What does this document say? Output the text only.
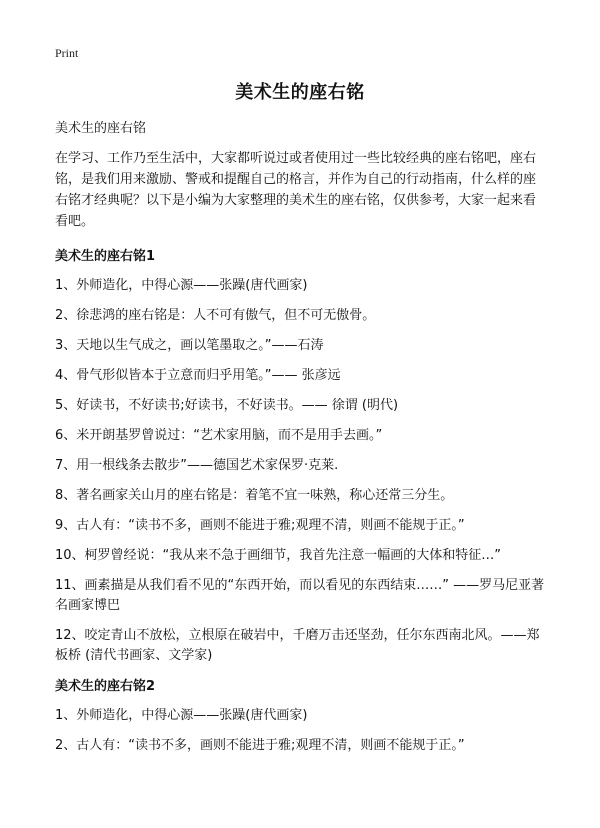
Print
美术生的座右铭
美术生的座右铭
在学习、工作乃至生活中，大家都听说过或者使用过一些比较经典的座右铭吧，座右铭，是我们用来激励、警戒和提醒自己的格言，并作为自己的行动指南，什么样的座右铭才经典呢？以下是小编为大家整理的美术生的座右铭，仅供参考，大家一起来看看吧。
美术生的座右铭1
1、外师造化，中得心源——张躁(唐代画家)
2、徐悲鸿的座右铭是：人不可有傲气，但不可无傲骨。
3、天地以生气成之，画以笔墨取之。”——石涛
4、骨气形似皆本于立意而归乎用笔。”—— 张彦远
5、好读书，不好读书;好读书，不好读书。—— 徐谓 (明代)
6、米开朗基罗曾说过：“艺术家用脑，而不是用手去画。”
7、用一根线条去散步”——德国艺术家保罗·克莱.
8、著名画家关山月的座右铭是：着笔不宜一味熟，称心还常三分生。
9、古人有：“读书不多，画则不能进于雅;观理不清，则画不能规于正。”
10、柯罗曾经说：“我从来不急于画细节，我首先注意一幅画的大体和特征…”
11、画素描是从我们看不见的“东西开始，而以看见的东西结束……” ——罗马尼亚著名画家博巴
12、咬定青山不放松，立根原在破岩中，千磨万击还坚劲，任尔东西南北风。——郑板桥 (清代书画家、文学家)
美术生的座右铭2
1、外师造化，中得心源——张躁(唐代画家)
2、古人有：“读书不多，画则不能进于雅;观理不清，则画不能规于正。”
